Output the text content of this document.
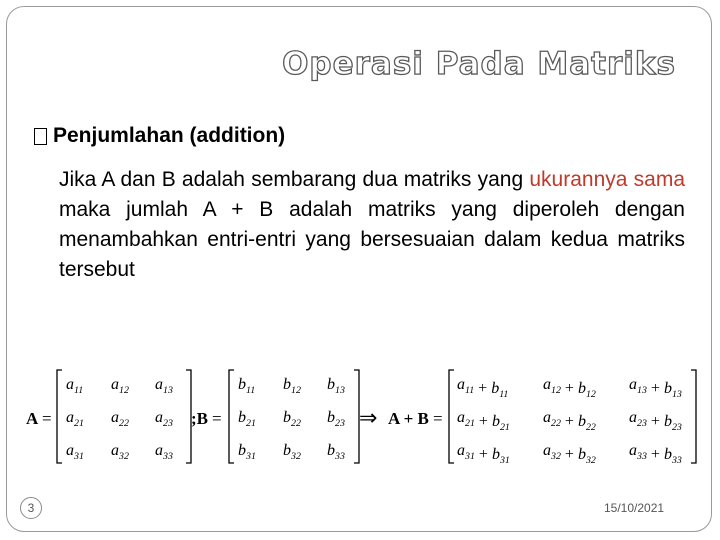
Operasi Pada Matriks
Penjumlahan (addition)
Jika A dan B adalah sembarang dua matriks yang ukurannya sama maka jumlah A + B adalah matriks yang diperoleh dengan menambahkan entri-entri yang bersesuaian dalam kedua matriks tersebut
A =
$a_{11}$ $a_{12}$ $a_{13}$
$a_{21}$ $a_{22}$ $a_{23}$
$a_{31}$ $a_{32}$ $a_{33}$
;B =
$b_{11}$ $b_{12}$ $b_{13}$
$b_{21}$ $b_{22}$ $b_{23}$
$b_{31}$ $b_{32}$ $b_{33}$
⇒ A + B =
$a_{11} + b_{11}$
$a_{12} + b_{12}$
$a_{13} + b_{13}$
$a_{21} + b_{21}$
$a_{22} + b_{22}$
$a_{23} + b_{23}$
$a_{31} + b_{31}$
$a_{32} + b_{32}$
$a_{33} + b_{33}$
3	15/10/2021
